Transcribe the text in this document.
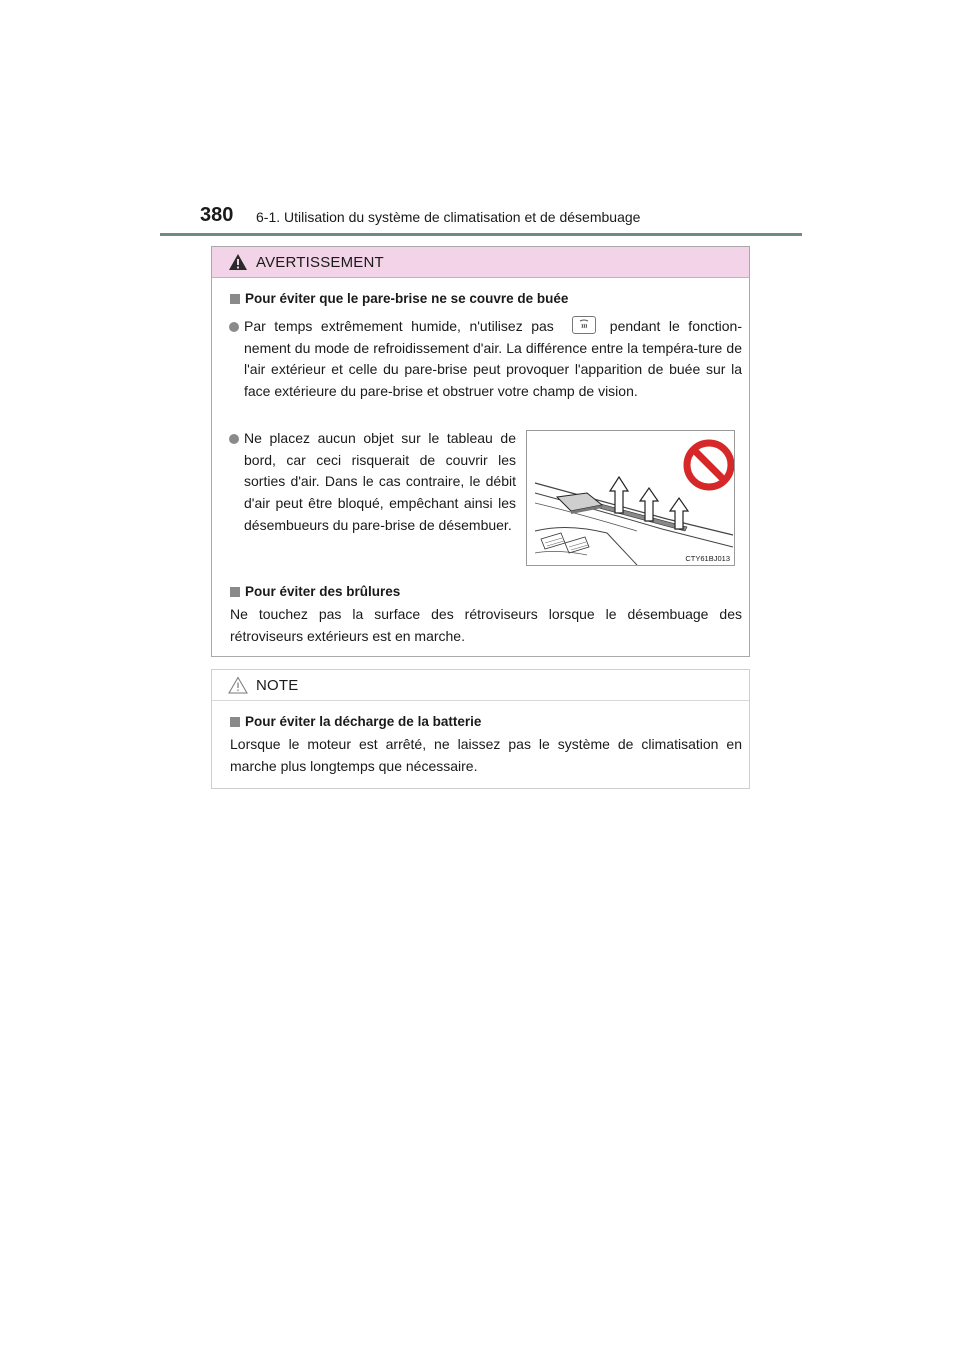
380 6-1. Utilisation du système de climatisation et de désembuage
AVERTISSEMENT
Pour éviter que le pare-brise ne se couvre de buée
Par temps extrêmement humide, n'utilisez pas	pendant le fonction-nement du mode de refroidissement d'air. La différence entre la tempéra-ture de l'air extérieur et celle du pare-brise peut provoquer l'apparition de buée sur la face extérieure du pare-brise et obstruer votre champ de vision.
Ne placez aucun objet sur le tableau de bord, car ceci risquerait de couvrir les sorties d'air. Dans le cas contraire, le débit d'air peut être bloqué, empêchant ainsi les désembueurs du pare-brise de désembuer.
CTY61BJ013
Pour éviter des brûlures
Ne touchez pas la surface des rétroviseurs lorsque le désembuage des rétroviseurs extérieurs est en marche.
NOTE
Pour éviter la décharge de la batterie
Lorsque le moteur est arrêté, ne laissez pas le système de climatisation en marche plus longtemps que nécessaire.
